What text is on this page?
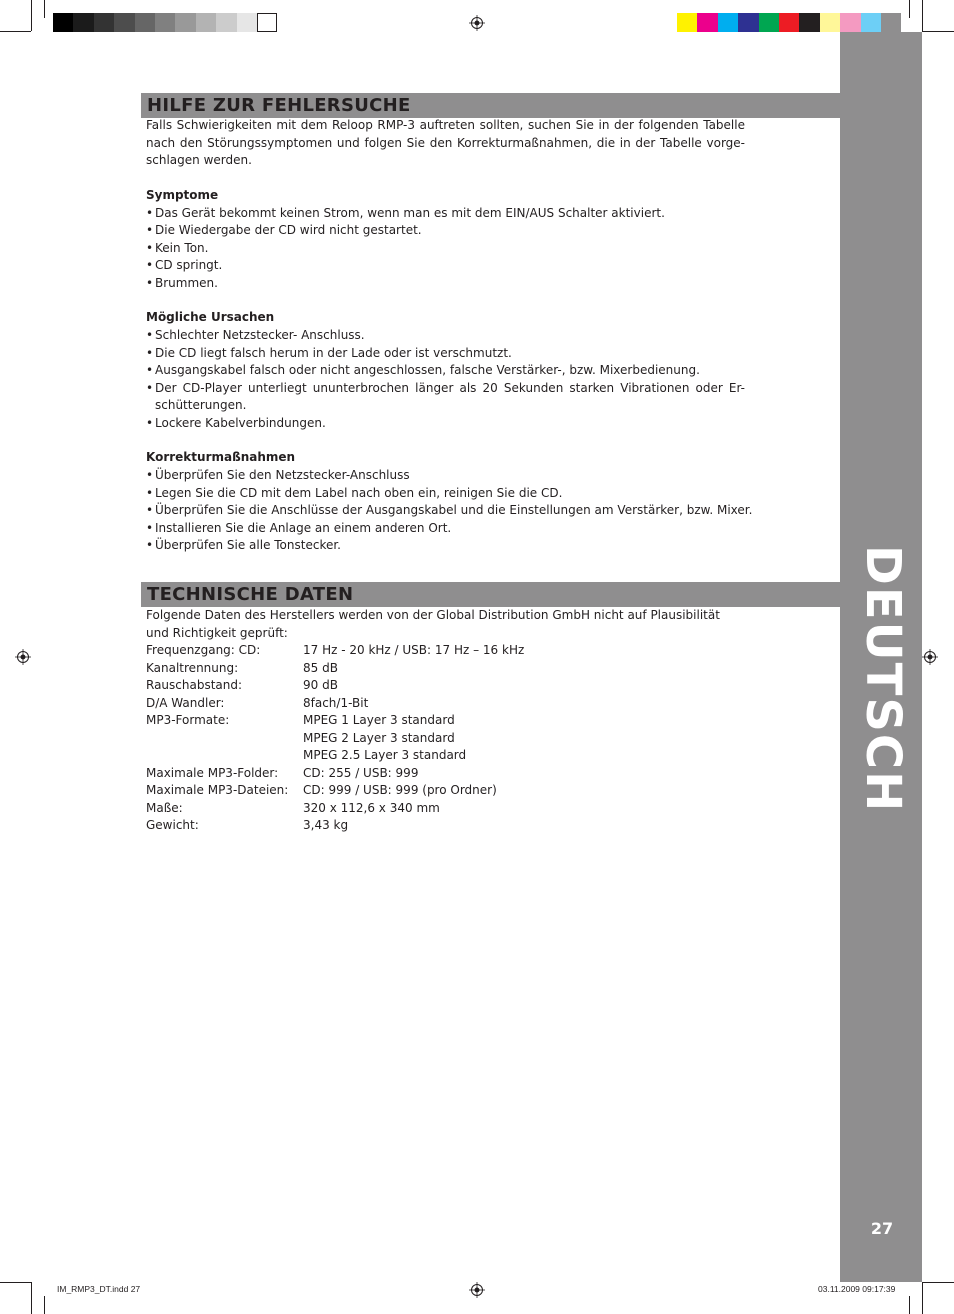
DEUTSCH
27
HILFE ZUR FEHLERSUCHE
Falls Schwierigkeiten mit dem Reloop RMP-3 auftreten sollten, suchen Sie in der folgenden Tabelle nach den Störungssymptomen und folgen Sie den Korrekturmaßnahmen, die in der Tabelle vorge-schlagen werden.
Symptome
• Das Gerät bekommt keinen Strom, wenn man es mit dem EIN/AUS Schalter aktiviert.
• Die Wiedergabe der CD wird nicht gestartet.
• Kein Ton.
• CD springt.
• Brummen.
Mögliche Ursachen
• Schlechter Netzstecker- Anschluss.
• Die CD liegt falsch herum in der Lade oder ist verschmutzt.
• Ausgangskabel falsch oder nicht angeschlossen, falsche Verstärker-, bzw. Mixerbedienung.
• Der CD-Player unterliegt ununterbrochen länger als 20 Sekunden starken Vibrationen oder Er-schütterungen.
• Lockere Kabelverbindungen.
Korrekturmaßnahmen
• Überprüfen Sie den Netzstecker-Anschluss
• Legen Sie die CD mit dem Label nach oben ein, reinigen Sie die CD.
• Überprüfen Sie die Anschlüsse der Ausgangskabel und die Einstellungen am Verstärker, bzw. Mixer.
• Installieren Sie die Anlage an einem anderen Ort.
• Überprüfen Sie alle Tonstecker.
TECHNISCHE DATEN
Folgende Daten des Herstellers werden von der Global Distribution GmbH nicht auf Plausibilität und Richtigkeit geprüft:
Frequenzgang: CD:	17 Hz - 20 kHz / USB: 17 Hz – 16 kHz
Kanaltrennung:	85 dB
Rauschabstand:	90 dB
D/A Wandler:	8fach/1-Bit
MP3-Formate:	MPEG 1 Layer 3 standard
MPEG 2 Layer 3 standard
MPEG 2.5 Layer 3 standard
Maximale MP3-Folder: CD: 255 / USB: 999
Maximale MP3-Dateien: CD: 999 / USB: 999 (pro Ordner)
Maße:	320 x 112,6 x 340 mm
Gewicht:	3,43 kg
IM_RMP3_DT.indd 27	03.11.2009 09:17:39
